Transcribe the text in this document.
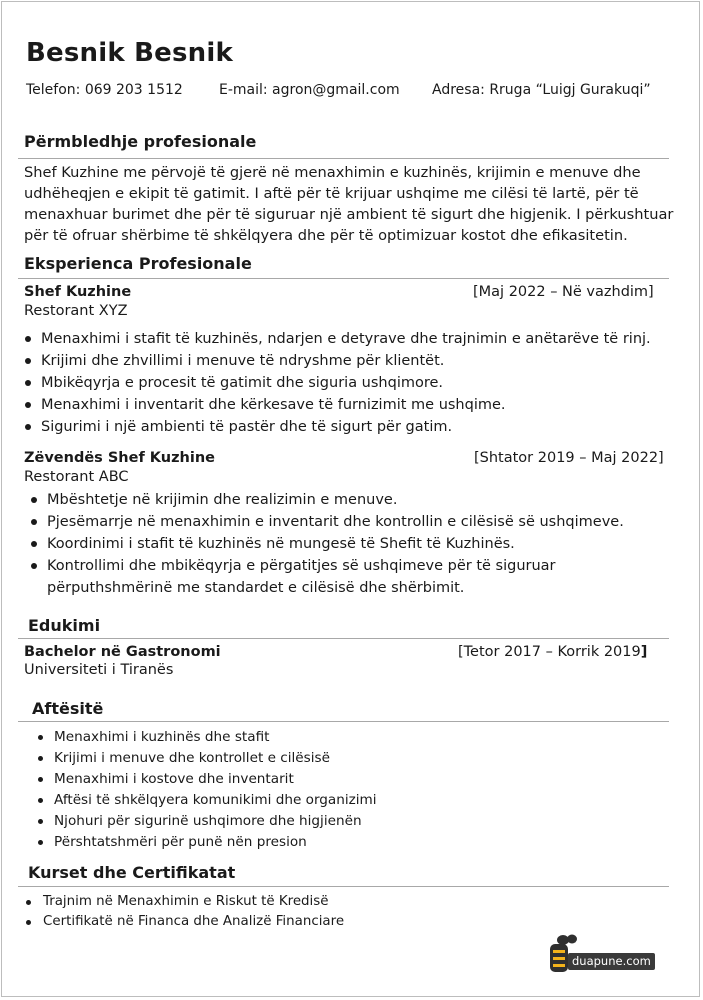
Besnik Besnik
Telefon: 069 203 1512	E-mail: agron@gmail.com Adresa: Rruga “Luigj Gurakuqi”
Përmbledhje profesionale
Shef Kuzhine me përvojë të gjerë në menaxhimin e kuzhinës, krijimin e menuve dhe
udhëheqjen e ekipit të gatimit. I aftë për të krijuar ushqime me cilësi të lartë, për të
menaxhuar burimet dhe për të siguruar një ambient të sigurt dhe higjenik. I përkushtuar
për të ofruar shërbime të shkëlqyera dhe për të optimizuar kostot dhe efikasitetin.
Eksperienca Profesionale
Shef Kuzhine	[Maj 2022 – Në vazhdim]
Restorant XYZ
Menaxhimi i stafit të kuzhinës, ndarjen e detyrave dhe trajnimin e anëtarëve të rinj.
Krijimi dhe zhvillimi i menuve të ndryshme për klientët.
Mbikëqyrja e procesit të gatimit dhe siguria ushqimore.
Menaxhimi i inventarit dhe kërkesave të furnizimit me ushqime.
Sigurimi i një ambienti të pastër dhe të sigurt për gatim.
Zëvendës Shef Kuzhine	[Shtator 2019 – Maj 2022]
Restorant ABC
Mbështetje në krijimin dhe realizimin e menuve.
Pjesëmarrje në menaxhimin e inventarit dhe kontrollin e cilësisë së ushqimeve.
Koordinimi i stafit të kuzhinës në mungesë të Shefit të Kuzhinës.
Kontrollimi dhe mbikëqyrja e përgatitjes së ushqimeve për të siguruar
përputhshmërinë me standardet e cilësisë dhe shërbimit.
Edukimi
Bachelor në Gastronomi	[Tetor 2017 – Korrik 2019]
Universiteti i Tiranës
Aftësitë
Menaxhimi i kuzhinës dhe stafit
Krijimi i menuve dhe kontrollet e cilësisë
Menaxhimi i kostove dhe inventarit
Aftësi të shkëlqyera komunikimi dhe organizimi
Njohuri për sigurinë ushqimore dhe higjienën
Përshtatshmëri për punë nën presion
Kurset dhe Certifikatat
Trajnim në Menaxhimin e Riskut të Kredisë
Certifikatë në Financa dhe Analizë Financiare
duapune.com
